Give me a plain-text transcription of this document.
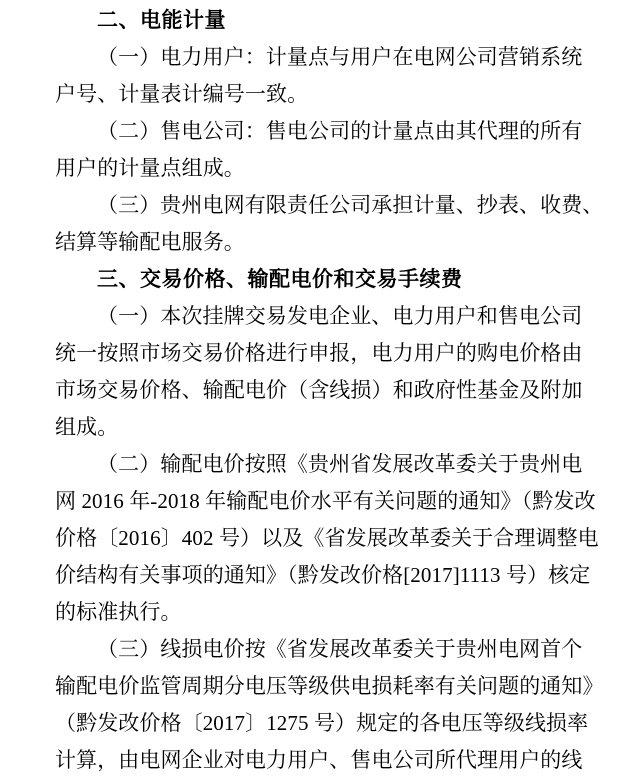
二、电能计量
（一）电力用户：计量点与用户在电网公司营销系统
户号、计量表计编号一致。
（二）售电公司：售电公司的计量点由其代理的所有
用户的计量点组成。
（三）贵州电网有限责任公司承担计量、抄表、收费、
结算等输配电服务。
三、交易价格、输配电价和交易手续费
（一）本次挂牌交易发电企业、电力用户和售电公司
统一按照市场交易价格进行申报，电力用户的购电价格由
市场交易价格、输配电价（含线损）和政府性基金及附加
组成。
（二）输配电价按照《贵州省发展改革委关于贵州电
网 2016 年-2018 年输配电价水平有关问题的通知》（黔发改
价格〔2016〕402 号）以及《省发展改革委关于合理调整电
价结构有关事项的通知》（黔发改价格[2017]1113 号）核定
的标准执行。
（三）线损电价按《省发展改革委关于贵州电网首个
输配电价监管周期分电压等级供电损耗率有关问题的通知》
（黔发改价格〔2017〕1275 号）规定的各电压等级线损率
计算，由电网企业对电力用户、售电公司所代理用户的线
